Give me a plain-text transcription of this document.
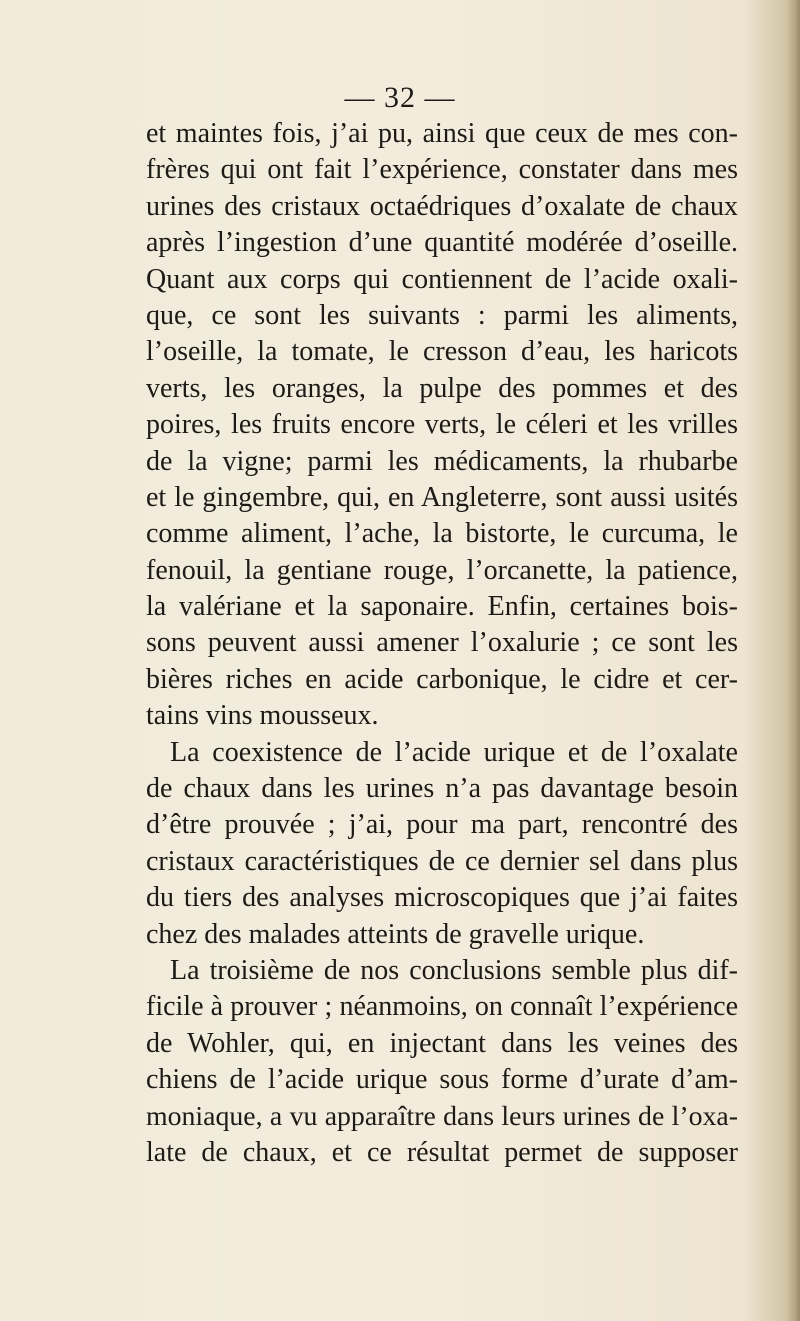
— 32 —
et maintes fois, j’ai pu, ainsi que ceux de mes con-
frères qui ont fait l’expérience, constater dans mes
urines des cristaux octaédriques d’oxalate de chaux
après l’ingestion d’une quantité modérée d’oseille.
Quant aux corps qui contiennent de l’acide oxali-
que, ce sont les suivants : parmi les aliments,
l’oseille, la tomate, le cresson d’eau, les haricots
verts, les oranges, la pulpe des pommes et des
poires, les fruits encore verts, le céleri et les vrilles
de la vigne; parmi les médicaments, la rhubarbe
et le gingembre, qui, en Angleterre, sont aussi usités
comme aliment, l’ache, la bistorte, le curcuma, le
fenouil, la gentiane rouge, l’orcanette, la patience,
la valériane et la saponaire. Enfin, certaines bois-
sons peuvent aussi amener l’oxalurie ; ce sont les
bières riches en acide carbonique, le cidre et cer-
tains vins mousseux.
La coexistence de l’acide urique et de l’oxalate
de chaux dans les urines n’a pas davantage besoin
d’être prouvée ; j’ai, pour ma part, rencontré des
cristaux caractéristiques de ce dernier sel dans plus
du tiers des analyses microscopiques que j’ai faites
chez des malades atteints de gravelle urique.
La troisième de nos conclusions semble plus dif-
ficile à prouver ; néanmoins, on connaît l’expérience
de Wohler, qui, en injectant dans les veines des
chiens de l’acide urique sous forme d’urate d’am-
moniaque, a vu apparaître dans leurs urines de l’oxa-
late de chaux, et ce résultat permet de supposer
